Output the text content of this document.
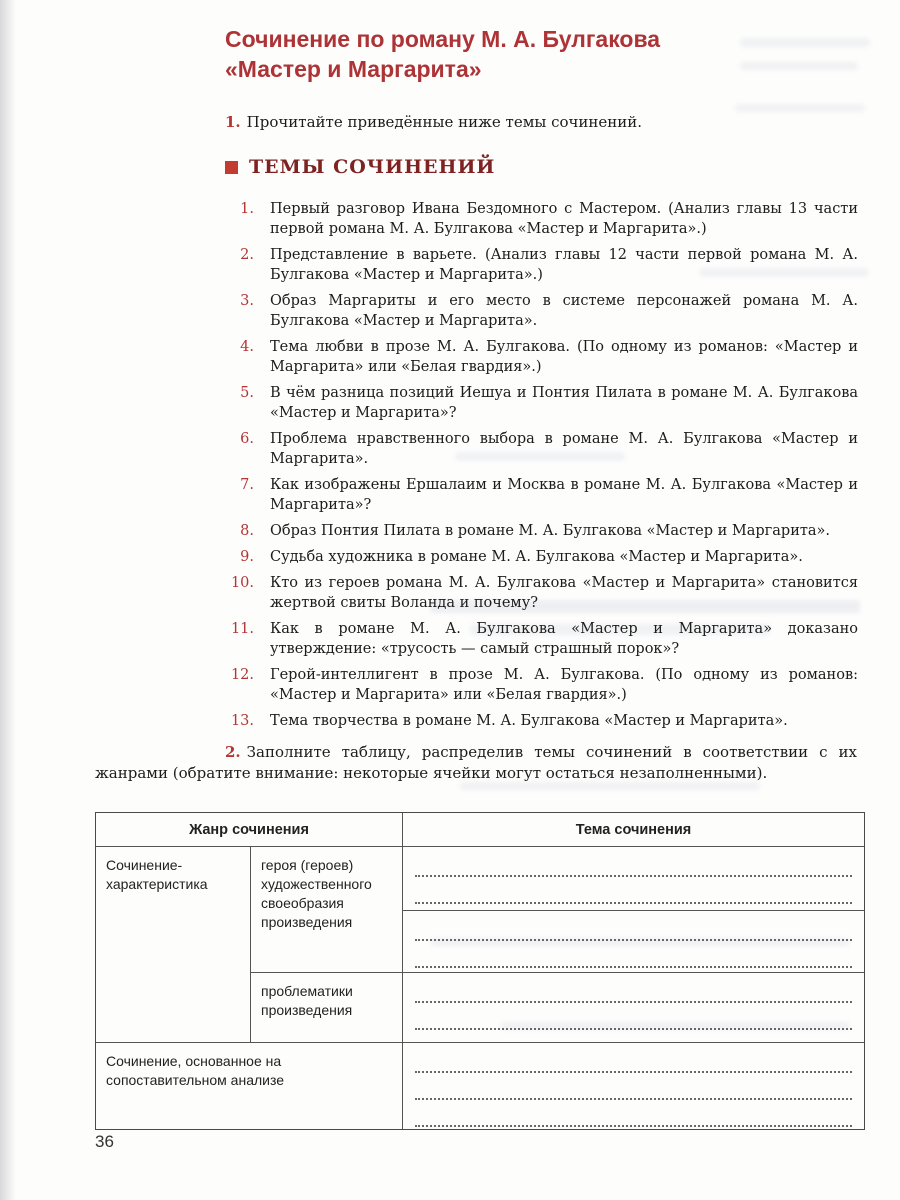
Сочинение по роману М. А. Булгакова
«Мастер и Маргарита»

1. Прочитайте приведённые ниже темы сочинений.

ТЕМЫ СОЧИНЕНИЙ
1. Первый разговор Ивана Бездомного с Мастером. (Анализ главы 13 части первой романа М. А. Булгакова «Мастер и Маргарита».)
2. Представление в варьете. (Анализ главы 12 части первой романа М. А. Булгакова «Мастер и Маргарита».)
3. Образ Маргариты и его место в системе персонажей романа М. А. Булгакова «Мастер и Маргарита».
4. Тема любви в прозе М. А. Булгакова. (По одному из романов: «Мастер и Маргарита» или «Белая гвардия».)
5. В чём разница позиций Иешуа и Понтия Пилата в романе М. А. Булгакова «Мастер и Маргарита»?
6. Проблема нравственного выбора в романе М. А. Булгакова «Мастер и Маргарита».
7. Как изображены Ершалаим и Москва в романе М. А. Булгакова «Мастер и Маргарита»?
8. Образ Понтия Пилата в романе М. А. Булгакова «Мастер и Маргарита».
9. Судьба художника в романе М. А. Булгакова «Мастер и Маргарита».
10. Кто из героев романа М. А. Булгакова «Мастер и Маргарита» становится жертвой свиты Воланда и почему?
11. Как в романе М. А. Булгакова «Мастер и Маргарита» доказано утверждение: «трусость — самый страшный порок»?
12. Герой-интеллигент в прозе М. А. Булгакова. (По одному из романов: «Мастер и Маргарита» или «Белая гвардия».)
13. Тема творчества в романе М. А. Булгакова «Мастер и Маргарита».

2. Заполните таблицу, распределив темы сочинений в соответствии с их жанрами (обратите внимание: некоторые ячейки могут остаться незаполненными).

Жанр сочинения	Тема сочинения
Сочинение-характеристика
героя (героев) художественного своеобразия произведения
проблематики произведения
Сочинение, основанное на сопоставительном анализе
36
